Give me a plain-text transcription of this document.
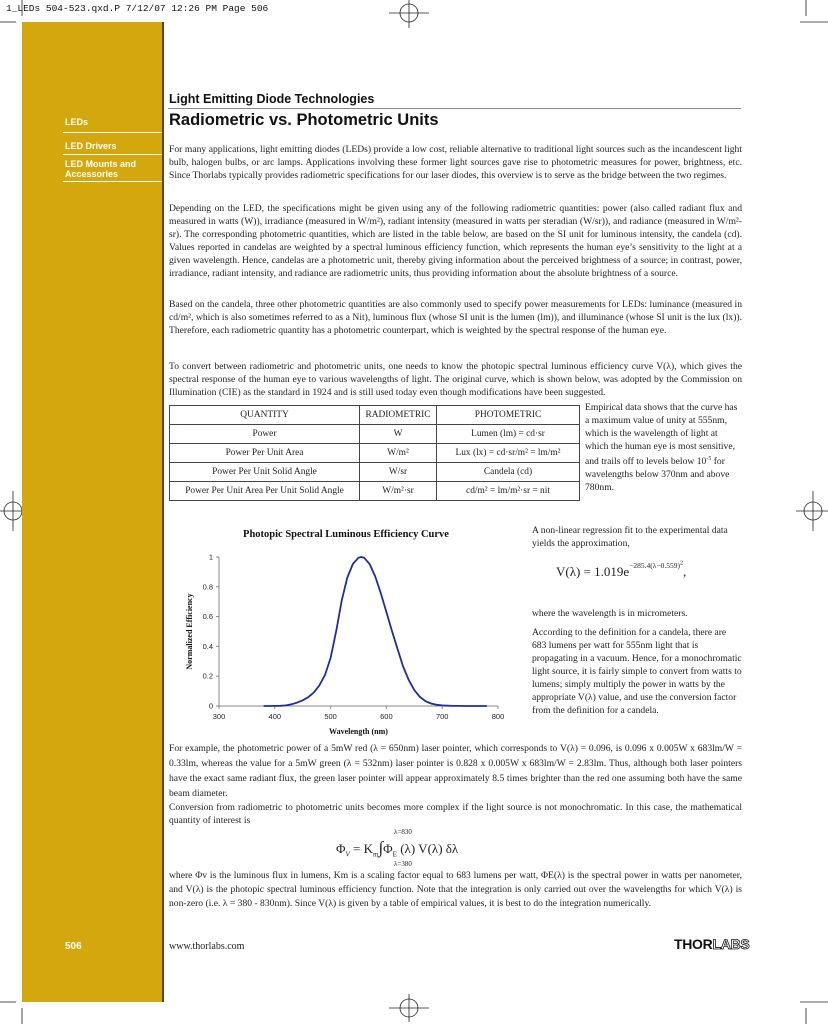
1_LEDs 504-523.qxd.P 7/12/07 12:26 PM Page 506
LEDs
LED Drivers
LED Mounts and
Accessories
506
Light Emitting Diode Technologies
Radiometric vs. Photometric Units

For many applications, light emitting diodes (LEDs) provide a low cost, reliable alternative to traditional light sources such as the incandescent light bulb, halogen bulbs, or arc lamps. Applications involving these former light sources gave rise to photometric measures for power, brightness, etc. Since Thorlabs typically provides radiometric specifications for our laser diodes, this overview is to serve as the bridge between the two regimes.

Depending on the LED, the specifications might be given using any of the following radiometric quantities: power (also called radiant flux and measured in watts (W)), irradiance (measured in W/m²), radiant intensity (measured in watts per steradian (W/sr)), and radiance (measured in W/m²-sr). The corresponding photometric quantities, which are listed in the table below, are based on the SI unit for luminous intensity, the candela (cd). Values reported in candelas are weighted by a spectral luminous efficiency function, which represents the human eye’s sensitivity to the light at a given wavelength. Hence, candelas are a photometric unit, thereby giving information about the perceived brightness of a source; in contrast, power, irradiance, radiant intensity, and radiance are radiometric units, thus providing information about the absolute brightness of a source.

Based on the candela, three other photometric quantities are also commonly used to specify power measurements for LEDs: luminance (measured in cd/m², which is also sometimes referred to as a Nit), luminous flux (whose SI unit is the lumen (lm)), and illuminance (whose SI unit is the lux (lx)). Therefore, each radiometric quantity has a photometric counterpart, which is weighted by the spectral response of the human eye.

To convert between radiometric and photometric units, one needs to know the photopic spectral luminous efficiency curve V(λ), which gives the spectral response of the human eye to various wavelengths of light. The original curve, which is shown below, was adopted by the Commission on Illumination (CIE) as the standard in 1924 and is still used today even though modifications have been suggested.

QUANTITY	RADIOMETRIC	PHOTOMETRIC
Power	W	Lumen (lm) = cd·sr
Power Per Unit Area	W/m²	Lux (lx) = cd·sr/m² = lm/m²
Power Per Unit Solid Angle	W/sr	Candela (cd)
Power Per Unit Area Per Unit Solid Angle	W/m²·sr	cd/m² = lm/m²·sr = nit

Empirical data shows that the curve has a maximum value of unity at 555nm, which is the wavelength of light at which the human eye is most sensitive, and trails off to levels below $10^{-5}$ for wavelengths below 370nm and above 780nm.

Photopic Spectral Luminous Efficiency Curve
Normalized Efficiency
Wavelength (nm)
300	400	500	600	700	800
0
0.2
0.4
0.6
0.8
1

A non-linear regression fit to the experimental data yields the approximation,

$V(\lambda) = 1.019e^{-285.4(\lambda-0.559)^2}$,

where the wavelength is in micrometers.

According to the definition for a candela, there are 683 lumens per watt for 555nm light that is propagating in a vacuum. Hence, for a monochromatic light source, it is fairly simple to convert from watts to lumens; simply multiply the power in watts by the appropriate V(λ) value, and use the conversion factor from the definition for a candela.

For example, the photometric power of a 5mW red (λ = 650nm) laser pointer, which corresponds to V(λ) = 0.096, is 0.096 x 0.005W x 683lm/W = 0.33lm, whereas the value for a 5mW green (λ = 532nm) laser pointer is 0.828 x 0.005W x 683lm/W = 2.83lm. Thus, although both laser pointers have the exact same radiant flux, the green laser pointer will appear approximately 8.5 times brighter than the red one assuming both have the same beam diameter.

Conversion from radiometric to photometric units becomes more complex if the light source is not monochromatic. In this case, the mathematical quantity of interest is

λ=830
$\Phi_V = K_m\int\Phi_E$ (λ) V(λ) δλ
λ=380

where Φv is the luminous flux in lumens, Km is a scaling factor equal to 683 lumens per watt, ΦE(λ) is the spectral power in watts per nanometer, and V(λ) is the photopic spectral luminous efficiency function. Note that the integration is only carried out over the wavelengths for which V(λ) is non-zero (i.e. λ = 380 - 830nm). Since V(λ) is given by a table of empirical values, it is best to do the integration numerically.

www.thorlabs.com	THORLABS
